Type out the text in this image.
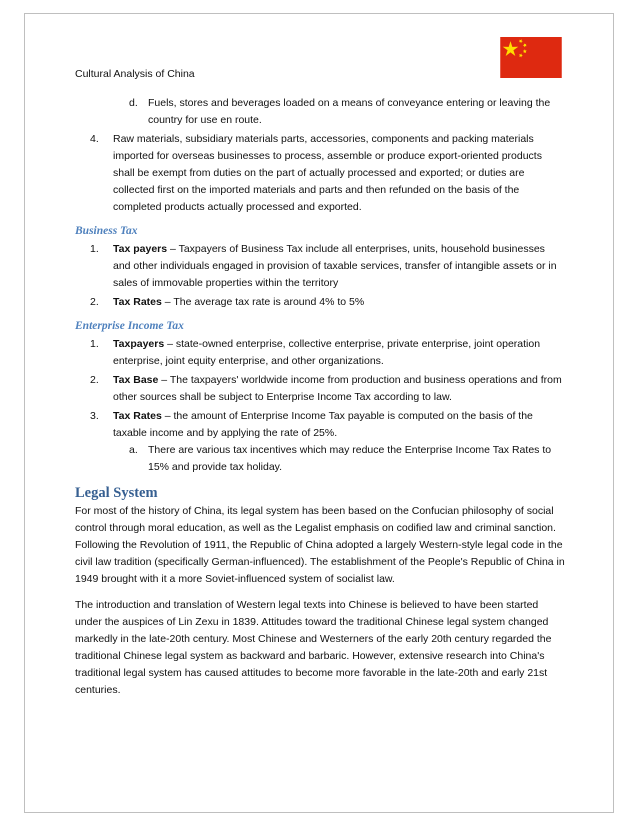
Cultural Analysis of China
d. Fuels, stores and beverages loaded on a means of conveyance entering or leaving the country for use en route.
4. Raw materials, subsidiary materials parts, accessories, components and packing materials imported for overseas businesses to process, assemble or produce export-oriented products shall be exempt from duties on the part of actually processed and exported; or duties are collected first on the imported materials and parts and then refunded on the basis of the completed products actually processed and exported.
Business Tax
1. Tax payers – Taxpayers of Business Tax include all enterprises, units, household businesses and other individuals engaged in provision of taxable services, transfer of intangible assets or in sales of immovable properties within the territory
2. Tax Rates – The average tax rate is around 4% to 5%
Enterprise Income Tax
1. Taxpayers – state-owned enterprise, collective enterprise, private enterprise, joint operation enterprise, joint equity enterprise, and other organizations.
2. Tax Base – The taxpayers' worldwide income from production and business operations and from other sources shall be subject to Enterprise Income Tax according to law.
3. Tax Rates – the amount of Enterprise Income Tax payable is computed on the basis of the taxable income and by applying the rate of 25%.
a. There are various tax incentives which may reduce the Enterprise Income Tax Rates to 15% and provide tax holiday.
Legal System

For most of the history of China, its legal system has been based on the Confucian philosophy of social control through moral education, as well as the Legalist emphasis on codified law and criminal sanction. Following the Revolution of 1911, the Republic of China adopted a largely Western-style legal code in the civil law tradition (specifically German-influenced). The establishment of the People's Republic of China in 1949 brought with it a more Soviet-influenced system of socialist law.

The introduction and translation of Western legal texts into Chinese is believed to have been started under the auspices of Lin Zexu in 1839. Attitudes toward the traditional Chinese legal system changed markedly in the late-20th century. Most Chinese and Westerners of the early 20th century regarded the traditional Chinese legal system as backward and barbaric. However, extensive research into China's traditional legal system has caused attitudes to become more favorable in the late-20th and early 21st centuries.
